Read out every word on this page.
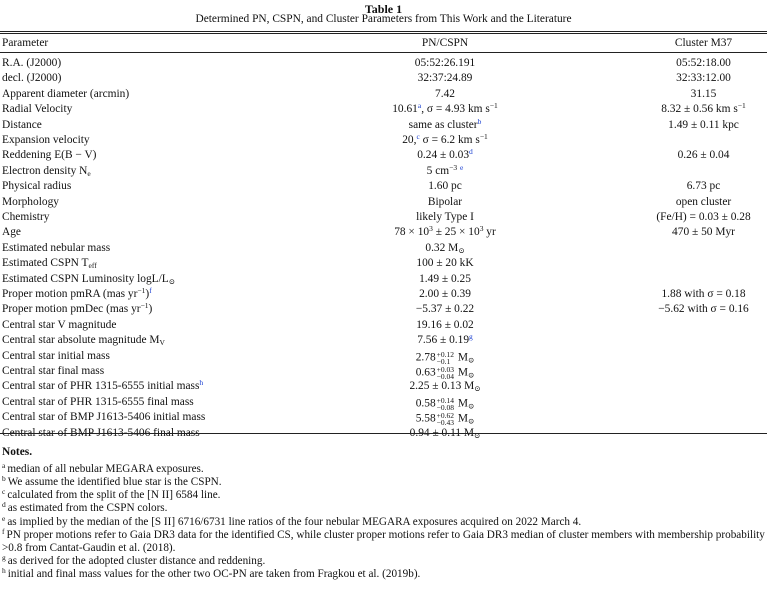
Table 1
Determined PN, CSPN, and Cluster Parameters from This Work and the Literature
Parameter	PN/CSPN	Cluster M37
R.A. (J2000)	05:52:26.191	05:52:18.00
decl. (J2000)	32:37:24.89	32:33:12.00
Apparent diameter (arcmin)	7.42	31.15
Radial Velocity	10.61$^a$, σ = 4.93 km $s^{-1}$	8.32 ± 0.56 km $s^{-1}$
Distance	same as cluster$^b$	1.49 ± 0.11 kpc
Expansion velocity	20,$^c$ σ = 6.2 km $s^{-1}$
Reddening E(B − V)	0.24 ± 0.03$^d$	0.26 ± 0.04
Electron density $N_e$	5 $cm^{-3}$ $^e$
Physical radius	1.60 pc	6.73 pc
Morphology	Bipolar	open cluster
Chemistry	likely Type I	(Fe/H) = 0.03 ± 0.28
Age	$78 \times 10^3 \pm 25 \times 10^3$ yr	470 ± 50 Myr
Estimated nebular mass	0.32 $M_⊙$
Estimated CSPN $T_{eff}$	100 ± 20 kK
Estimated CSPN Luminosity logL/$L_⊙$	1.49 ± 0.25
Proper motion pmRA (mas $yr^{-1})^f$	2.00 ± 0.39	1.88 with σ = 0.18
Proper motion pmDec (mas $yr^{-1}$)	−5.37 ± 0.22	−5.62 with σ = 0.16
Central star V magnitude	19.16 ± 0.02
Central star absolute magnitude $M_V$	7.56 ± 0.19$^g$
Central star initial mass	2.78 +0.12
−0.1 $M_⊙$
Central star final mass	0.63 +0.03
−0.04 $M_⊙$
Central star of PHR 1315-6555 initial mass$^h$	2.25 ± 0.13 $M_⊙$
Central star of PHR 1315-6555 final mass	0.58 +0.14
−0.08 $M_⊙$
Central star of BMP J1613-5406 initial mass	5.58 +0.62
−0.43 $M_⊙$
Central star of BMP J1613-5406 final mass	0.94 ± 0.11 $M_⊙$
Notes.
$^a$ median of all nebular MEGARA exposures.
$^b$ We assume the identified blue star is the CSPN.
$^c$ calculated from the split of the [N II] 6584 line.
$^d$ as estimated from the CSPN colors.
$^e$ as implied by the median of the [S II] 6716/6731 line ratios of the four nebular MEGARA exposures acquired on 2022 March 4.
$^f$ PN proper motions refer to Gaia DR3 data for the identified CS, while cluster proper motions refer to Gaia DR3 median of cluster members with membership probability >0.8 from Cantat-Gaudin et al. (2018).
$^g$ as derived for the adopted cluster distance and reddening.
$^h$ initial and final mass values for the other two OC-PN are taken from Fragkou et al. (2019b).
